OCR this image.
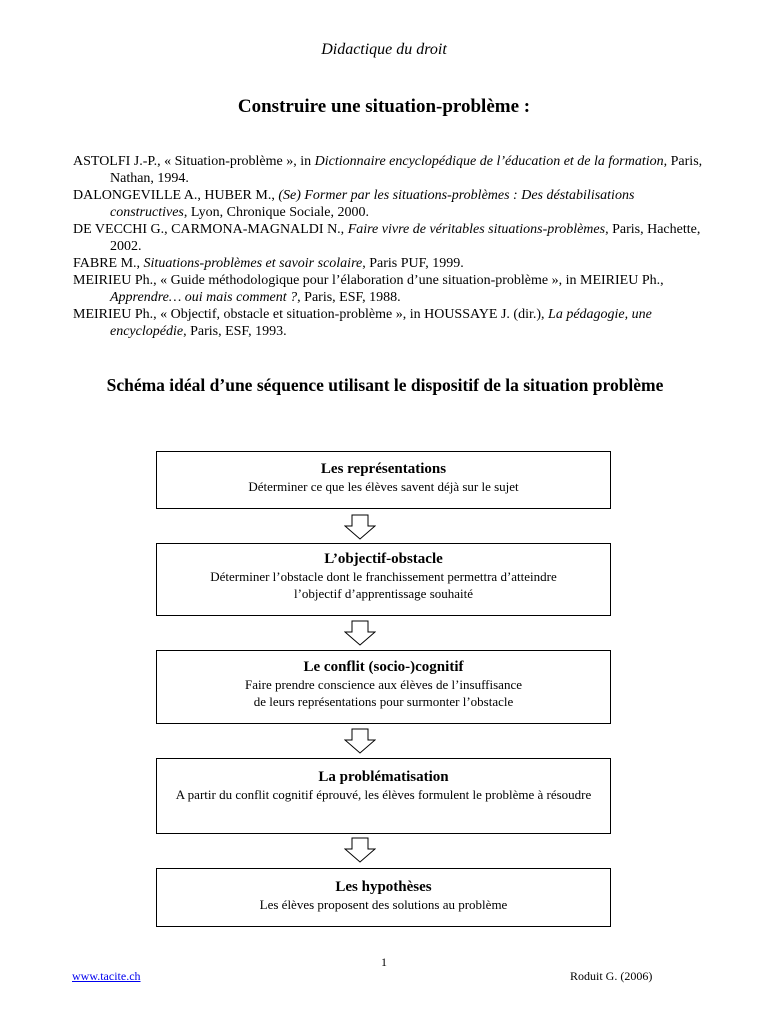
Didactique du droit
Construire une situation-problème :
ASTOLFI J.-P., « Situation-problème », in Dictionnaire encyclopédique de l’éducation et de la formation, Paris, Nathan, 1994.
DALONGEVILLE A., HUBER M., (Se) Former par les situations-problèmes : Des déstabilisations constructives, Lyon, Chronique Sociale, 2000.
DE VECCHI G., CARMONA-MAGNALDI N., Faire vivre de véritables situations-problèmes, Paris, Hachette, 2002.
FABRE M., Situations-problèmes et savoir scolaire, Paris PUF, 1999.
MEIRIEU Ph., « Guide méthodologique pour l’élaboration d’une situation-problème », in MEIRIEU Ph., Apprendre… oui mais comment ?, Paris, ESF, 1988.
MEIRIEU Ph., « Objectif, obstacle et situation-problème », in HOUSSAYE J. (dir.), La pédagogie, une encyclopédie, Paris, ESF, 1993.
Schéma idéal d’une séquence utilisant le dispositif de la situation problème
Les représentations
Déterminer ce que les élèves savent déjà sur le sujet
L’objectif-obstacle
Déterminer l’obstacle dont le franchissement permettra d’atteindre l’objectif d’apprentissage souhaité
Le conflit (socio-)cognitif
Faire prendre conscience aux élèves de l’insuffisance de leurs représentations pour surmonter l’obstacle
La problématisation
A partir du conflit cognitif éprouvé, les élèves formulent le problème à résoudre
Les hypothèses
Les élèves proposent des solutions au problème
1
www.tacite.ch	Roduit G. (2006)
